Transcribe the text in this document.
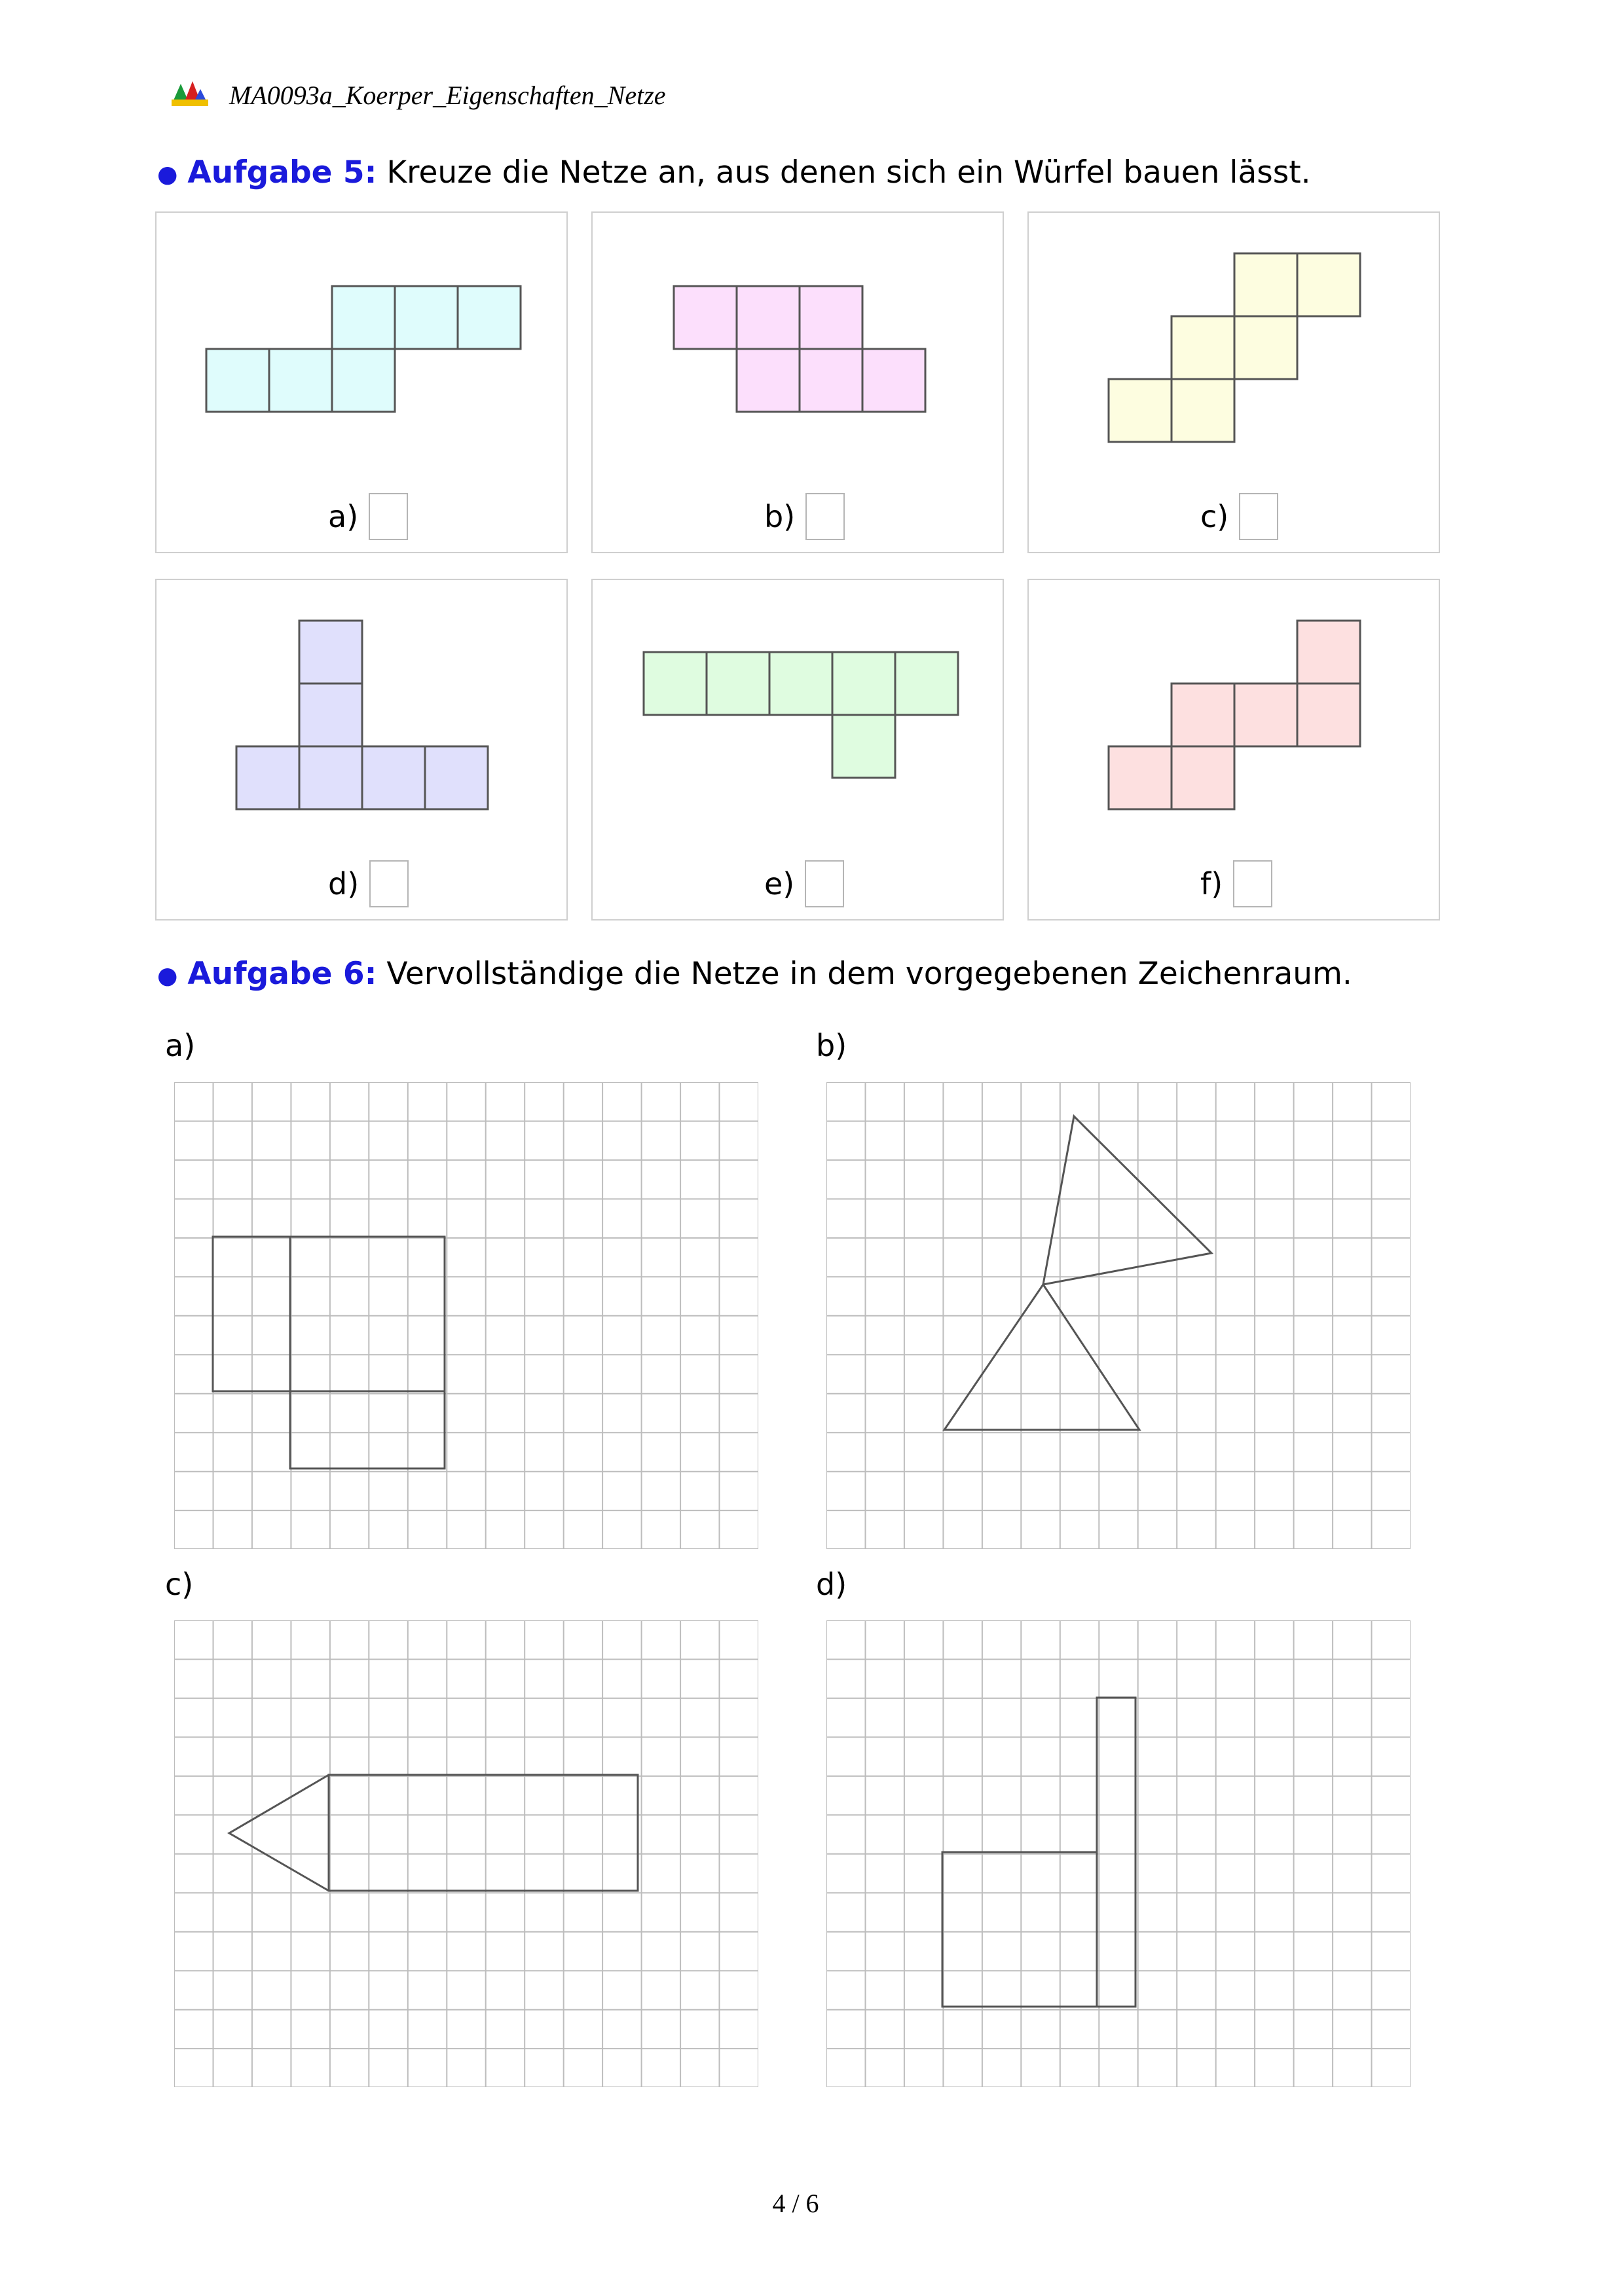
MA0093a_Koerper_Eigenschaften_Netze
● Aufgabe 5: Kreuze die Netze an, aus denen sich ein Würfel bauen lässt.
a)	b)	c)
d)	e)	f)
● Aufgabe 6: Vervollständige die Netze in dem vorgegebenen Zeichenraum.
a)	b)
c)	d)
4 / 6
